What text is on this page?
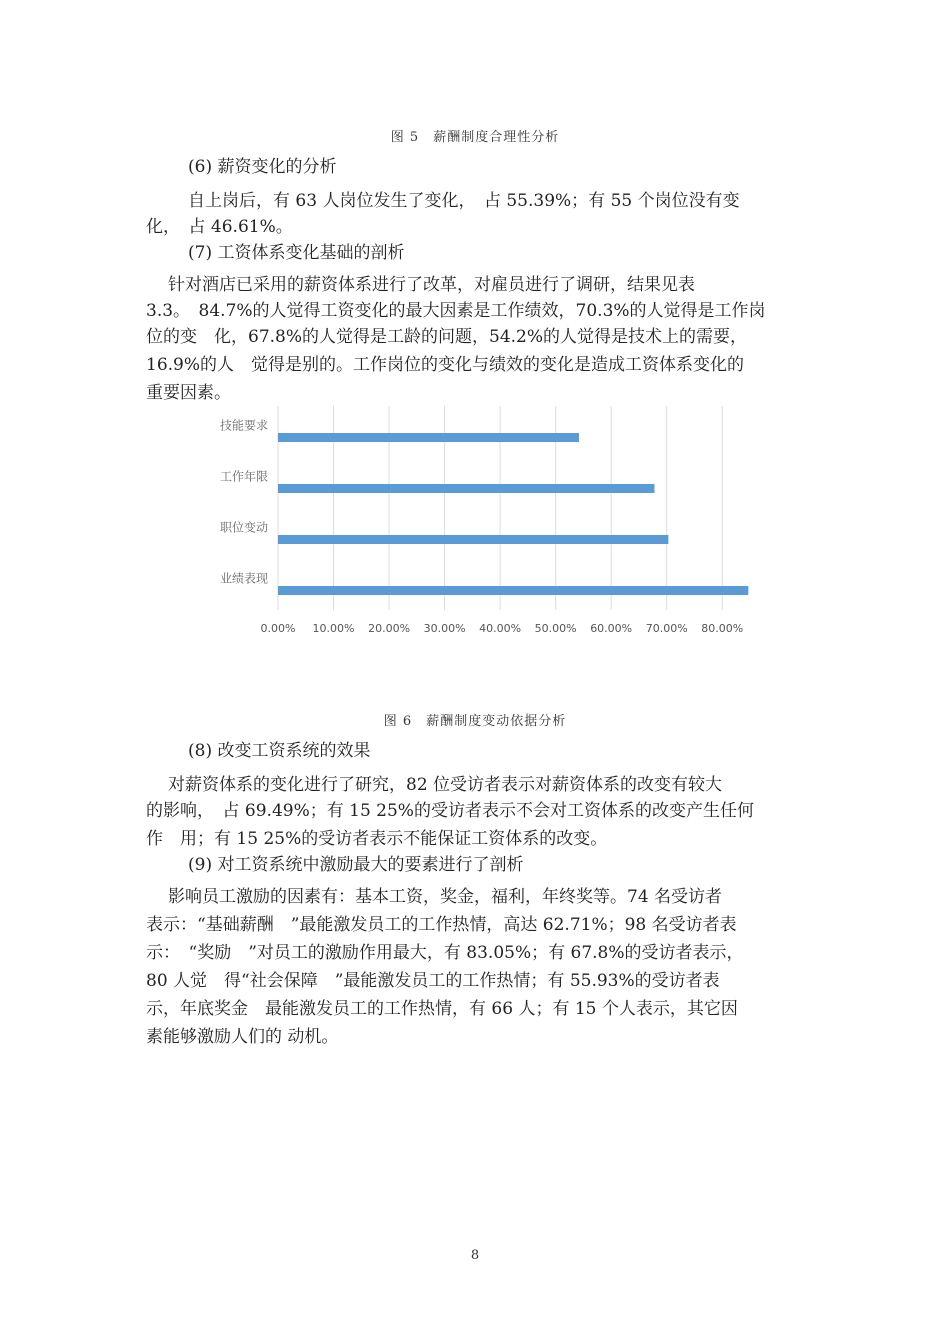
图 5　薪酬制度合理性分析
(6) 薪资变化的分析
自上岗后，有 63 人岗位发生了变化，　占 55.39%；有 55 个岗位没有变
化，　占 46.61%。
(7) 工资体系变化基础的剖析
针对酒店已采用的薪资体系进行了改革，对雇员进行了调研，结果见表
3.3。　84.7%的人觉得工资变化的最大因素是工作绩效，70.3%的人觉得是工作岗
位的变　化，67.8%的人觉得是工龄的问题，54.2%的人觉得是技术上的需要，
16.9%的人　觉得是别的。工作岗位的变化与绩效的变化是造成工资体系变化的
重要因素。
0.00% 10.00% 20.00% 30.00% 40.00% 50.00% 60.00% 70.00% 80.00%
技能要求
工作年限
职位变动
业绩表现
图 6　薪酬制度变动依据分析
(8) 改变工资系统的效果
对薪资体系的变化进行了研究，82 位受访者表示对薪资体系的改变有较大
的影响，　占 69.49%；有 15 25%的受访者表示不会对工资体系的改变产生任何
作　用；有 15 25%的受访者表示不能保证工资体系的改变。
(9) 对工资系统中激励最大的要素进行了剖析
影响员工激励的因素有：基本工资，奖金，福利，年终奖等。74 名受访者
表示：“基础薪酬　”最能激发员工的工作热情，高达 62.71%；98 名受访者表
示：　“奖励　”对员工的激励作用最大，有 83.05%；有 67.8%的受访者表示，
80 人觉　得“社会保障　”最能激发员工的工作热情；有 55.93%的受访者表
示，年底奖金　最能激发员工的工作热情，有 66 人；有 15 个人表示，其它因
素能够激励人们的 动机。
8
